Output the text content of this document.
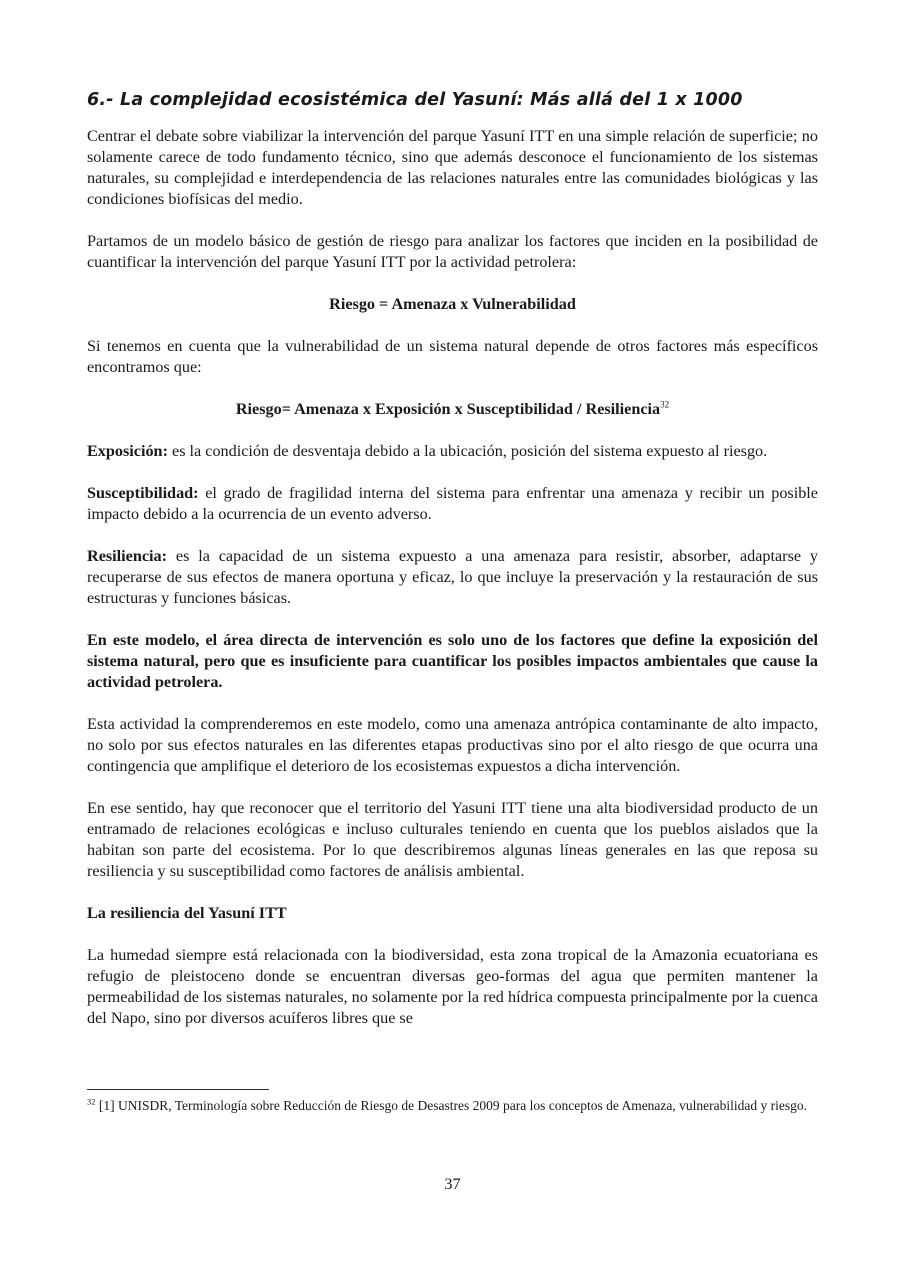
6.- La complejidad ecosistémica del Yasuní: Más allá del 1 x 1000

Centrar el debate sobre viabilizar la intervención del parque Yasuní ITT en una simple relación de superficie; no solamente carece de todo fundamento técnico, sino que además desconoce el funcionamiento de los sistemas naturales, su complejidad e interdependencia de las relaciones naturales entre las comunidades biológicas y las condiciones biofísicas del medio.

Partamos de un modelo básico de gestión de riesgo para analizar los factores que inciden en la posibilidad de cuantificar la intervención del parque Yasuní ITT por la actividad petrolera:

Riesgo = Amenaza x Vulnerabilidad

Si tenemos en cuenta que la vulnerabilidad de un sistema natural depende de otros factores más específicos encontramos que:

Riesgo= Amenaza x Exposición x Susceptibilidad / Resiliencia$^{32}$

Exposición: es la condición de desventaja debido a la ubicación, posición del sistema expuesto al riesgo.

Susceptibilidad: el grado de fragilidad interna del sistema para enfrentar una amenaza y recibir un posible impacto debido a la ocurrencia de un evento adverso.

Resiliencia: es la capacidad de un sistema expuesto a una amenaza para resistir, absorber, adaptarse y recuperarse de sus efectos de manera oportuna y eficaz, lo que incluye la preservación y la restauración de sus estructuras y funciones básicas.

En este modelo, el área directa de intervención es solo uno de los factores que define la exposición del sistema natural, pero que es insuficiente para cuantificar los posibles impactos ambientales que cause la actividad petrolera.

Esta actividad la comprenderemos en este modelo, como una amenaza antrópica contaminante de alto impacto, no solo por sus efectos naturales en las diferentes etapas productivas sino por el alto riesgo de que ocurra una contingencia que amplifique el deterioro de los ecosistemas expuestos a dicha intervención.

En ese sentido, hay que reconocer que el territorio del Yasuni ITT tiene una alta biodiversidad producto de un entramado de relaciones ecológicas e incluso culturales teniendo en cuenta que los pueblos aislados que la habitan son parte del ecosistema. Por lo que describiremos algunas líneas generales en las que reposa su resiliencia y su susceptibilidad como factores de análisis ambiental.

La resiliencia del Yasuní ITT

La humedad siempre está relacionada con la biodiversidad, esta zona tropical de la Amazonia ecuatoriana es refugio de pleistoceno donde se encuentran diversas geo-formas del agua que permiten mantener la permeabilidad de los sistemas naturales, no solamente por la red hídrica compuesta principalmente por la cuenca del Napo, sino por diversos acuíferos libres que se

$^{32}$ [1] UNISDR, Terminología sobre Reducción de Riesgo de Desastres 2009 para los conceptos de Amenaza, vulnerabilidad y riesgo.
37
